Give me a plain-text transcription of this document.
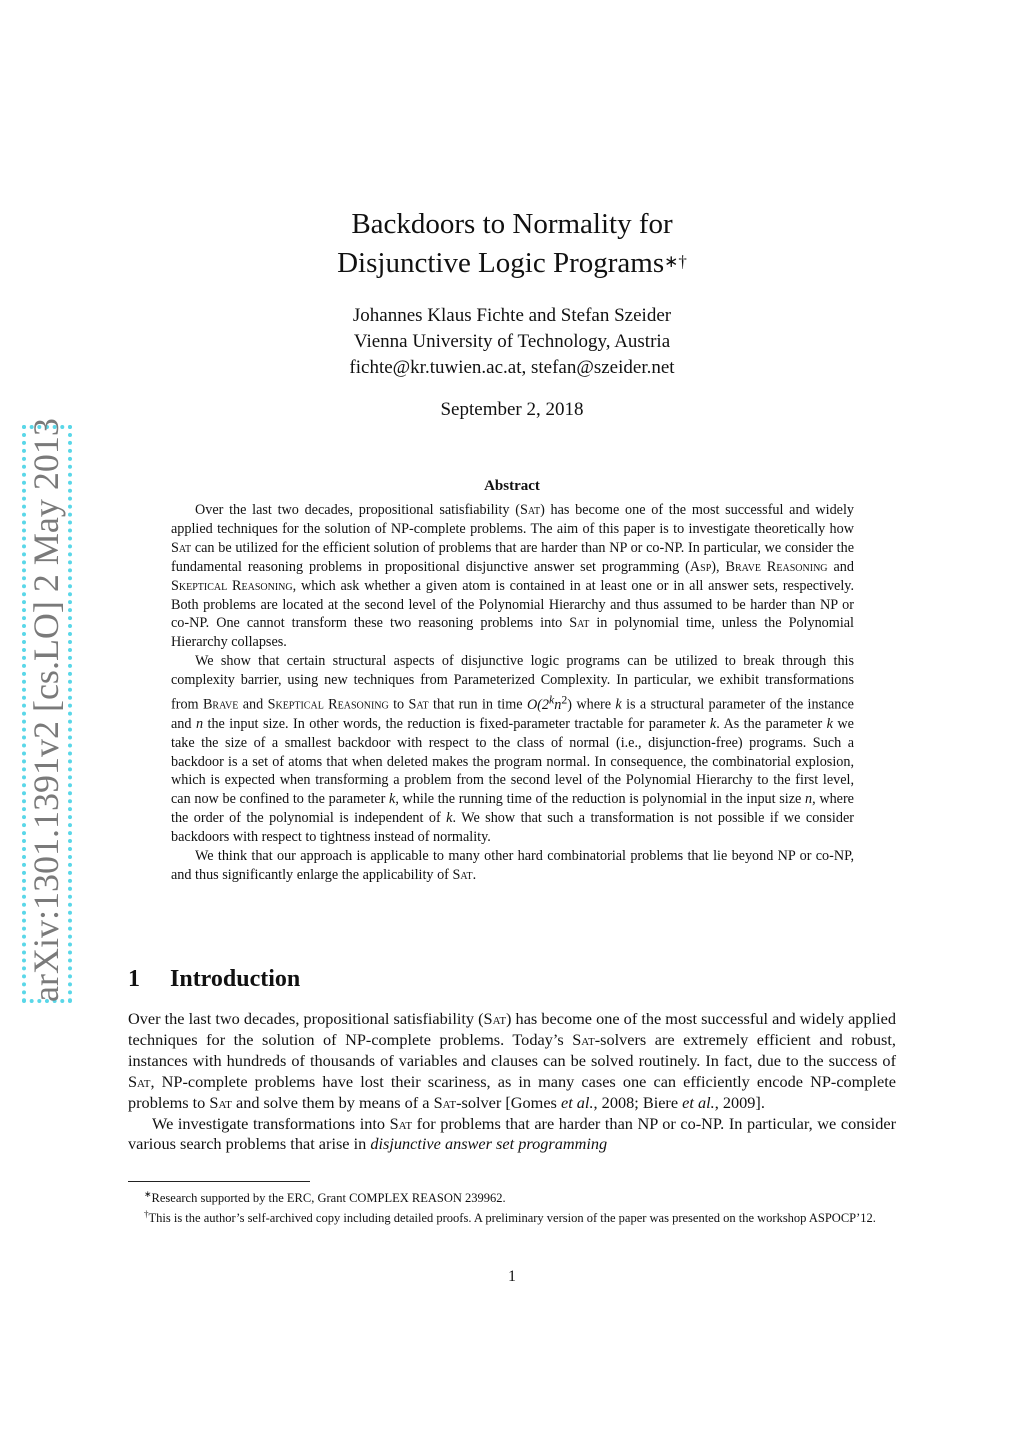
arXiv:1301.1391v2 [cs.LO] 2 May 2013
Backdoors to Normality for
Disjunctive Logic Programs∗†
Johannes Klaus Fichte and Stefan Szeider
Vienna University of Technology, Austria
fichte@kr.tuwien.ac.at, stefan@szeider.net
September 2, 2018
Abstract

Over the last two decades, propositional satisfiability (Sat) has become one of the most successful and widely applied techniques for the solution of NP-complete problems. The aim of this paper is to investigate theoretically how Sat can be utilized for the efficient solution of problems that are harder than NP or co-NP. In particular, we consider the fundamental reasoning problems in propositional disjunctive answer set programming (Asp), Brave Reasoning and Skeptical Reasoning, which ask whether a given atom is contained in at least one or in all answer sets, respectively. Both problems are located at the second level of the Polynomial Hierarchy and thus assumed to be harder than NP or co-NP. One cannot transform these two reasoning problems into Sat in polynomial time, unless the Polynomial Hierarchy collapses.

We show that certain structural aspects of disjunctive logic programs can be utilized to break through this complexity barrier, using new techniques from Parameterized Complexity. In particular, we exhibit transformations from Brave and Skeptical Reasoning to Sat that run in time $O(2^kn^2)$ where k is a structural parameter of the instance and n the input size. In other words, the reduction is fixed-parameter tractable for parameter k. As the parameter k we take the size of a smallest backdoor with respect to the class of normal (i.e., disjunction-free) programs. Such a backdoor is a set of atoms that when deleted makes the program normal. In consequence, the combinatorial explosion, which is expected when transforming a problem from the second level of the Polynomial Hierarchy to the first level, can now be confined to the parameter k, while the running time of the reduction is polynomial in the input size n, where the order of the polynomial is independent of k. We show that such a transformation is not possible if we consider backdoors with respect to tightness instead of normality.

We think that our approach is applicable to many other hard combinatorial problems that lie beyond NP or co-NP, and thus significantly enlarge the applicability of Sat.

1 Introduction

Over the last two decades, propositional satisfiability (Sat) has become one of the most successful and widely applied techniques for the solution of NP-complete problems. Today’s Sat-solvers are extremely efficient and robust, instances with hundreds of thousands of variables and clauses can be solved routinely. In fact, due to the success of Sat, NP-complete problems have lost their scariness, as in many cases one can efficiently encode NP-complete problems to Sat and solve them by means of a Sat-solver [Gomes et al., 2008; Biere et al., 2009].

We investigate transformations into Sat for problems that are harder than NP or co-NP. In particular, we consider various search problems that arise in disjunctive answer set programming

∗Research supported by the ERC, Grant COMPLEX REASON 239962.

†This is the author’s self-archived copy including detailed proofs. A preliminary version of the paper was presented on the workshop ASPOCP’12.

1
